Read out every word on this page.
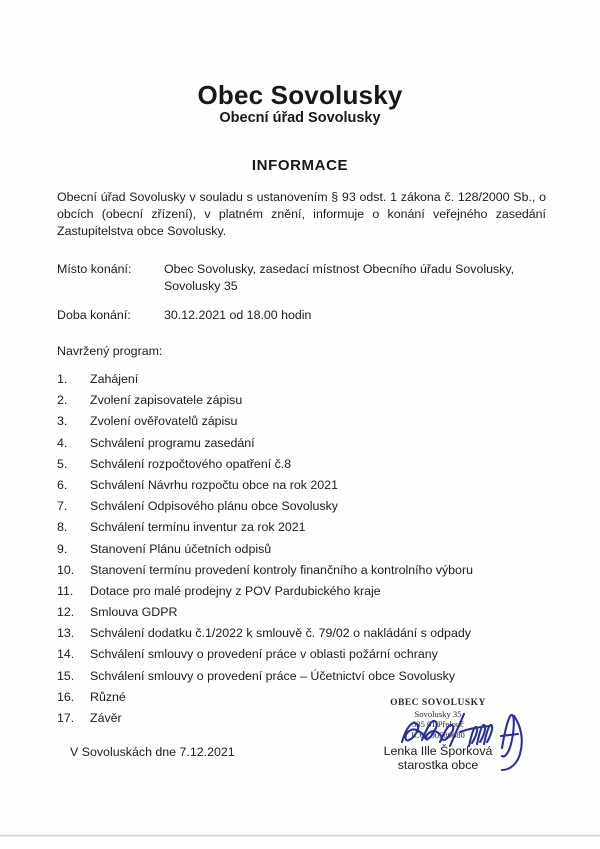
Obec Sovolusky
Obecní úřad Sovolusky
INFORMACE
Obecní úřad Sovolusky v souladu s ustanovením § 93 odst. 1 zákona č. 128/2000 Sb., o obcích (obecní zřízení), v platném znění, informuje o konání veřejného zasedání Zastupitelstva obce Sovolusky.
Místo konání:	Obec Sovolusky, zasedací místnost Obecního úřadu Sovolusky, Sovolusky 35
Doba konání:	30.12.2021 od 18.00 hodin
Navržený program:
1.	Zahájení
2.	Zvolení zapisovatele zápisu
3.	Zvolení ověřovatelů zápisu
4.	Schválení programu zasedání
5.	Schválení rozpočtového opatření č.8
6.	Schválení Návrhu rozpočtu obce na rok 2021
7.	Schválení Odpisového plánu obce Sovolusky
8.	Schválení termínu inventur za rok 2021
9.	Stanovení Plánu účetních odpisů
10.	Stanovení termínu provedení kontroly finančního a kontrolního výboru
11.	Dotace pro malé prodejny z POV Pardubického kraje
12.	Smlouva GDPR
13.	Schválení dodatku č.1/2022 k smlouvě č. 79/02 o nakládání s odpady
14.	Schválení smlouvy o provedení práce v oblasti požární ochrany
15.	Schválení smlouvy o provedení práce – Účetnictví obce Sovolusky
16.	Různé
17.	Závěr
V Sovoluskách dne 7.12.2021
OBEC SOVOLUSKY
Sovolusky 35
535 01 Přelouč
IČO: 00580680
Lenka Ille Šporková
starostka obce
